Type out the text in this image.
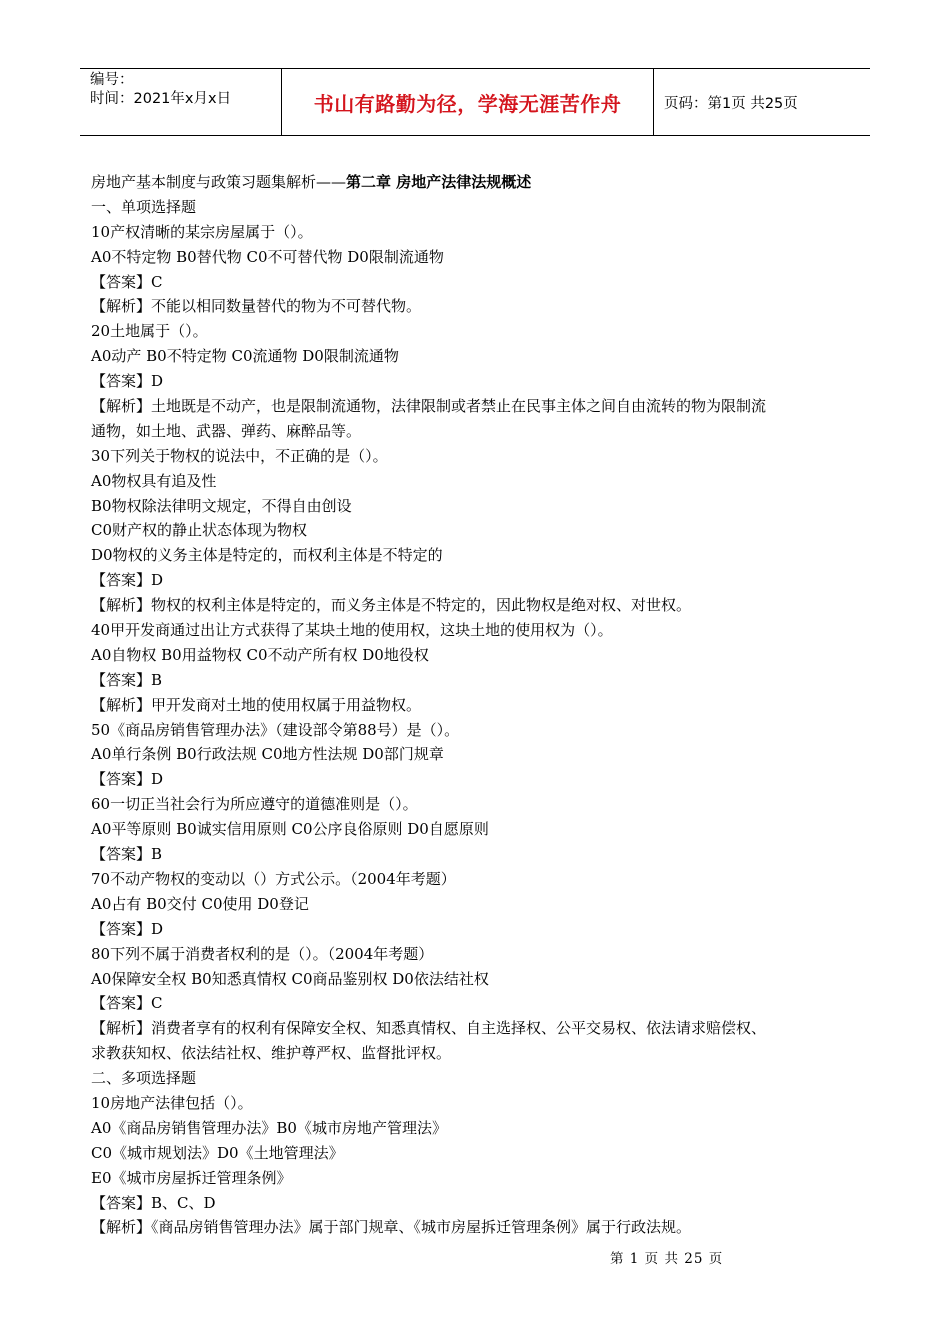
编号：
时间：2021年x月x日	书山有路勤为径，学海无涯苦作舟	页码：第1页 共25页
房地产基本制度与政策习题集解析——第二章 房地产法律法规概述
一、单项选择题
10产权清晰的某宗房屋属于（）。
A0不特定物 B0替代物 C0不可替代物 D0限制流通物
【答案】C
【解析】不能以相同数量替代的物为不可替代物。
20土地属于（）。
A0动产 B0不特定物 C0流通物 D0限制流通物
【答案】D
【解析】土地既是不动产，也是限制流通物，法律限制或者禁止在民事主体之间自由流转的物为限制流
通物，如土地、武器、弹药、麻醉品等。
30下列关于物权的说法中，不正确的是（）。
A0物权具有追及性
B0物权除法律明文规定，不得自由创设
C0财产权的静止状态体现为物权
D0物权的义务主体是特定的，而权利主体是不特定的
【答案】D
【解析】物权的权利主体是特定的，而义务主体是不特定的，因此物权是绝对权、对世权。
40甲开发商通过出让方式获得了某块土地的使用权，这块土地的使用权为（）。
A0自物权 B0用益物权 C0不动产所有权 D0地役权
【答案】B
【解析】甲开发商对土地的使用权属于用益物权。
50《商品房销售管理办法》（建设部令第88号）是（）。
A0单行条例 B0行政法规 C0地方性法规 D0部门规章
【答案】D
60一切正当社会行为所应遵守的道德准则是（）。
A0平等原则 B0诚实信用原则 C0公序良俗原则 D0自愿原则
【答案】B
70不动产物权的变动以（）方式公示。（2004年考题）
A0占有 B0交付 C0使用 D0登记
【答案】D
80下列不属于消费者权利的是（）。（2004年考题）
A0保障安全权 B0知悉真情权 C0商品鉴别权 D0依法结社权
【答案】C
【解析】消费者享有的权利有保障安全权、知悉真情权、自主选择权、公平交易权、依法请求赔偿权、
求教获知权、依法结社权、维护尊严权、监督批评权。
二、多项选择题
10房地产法律包括（）。
A0《商品房销售管理办法》B0《城市房地产管理法》
C0《城市规划法》D0《土地管理法》
E0《城市房屋拆迁管理条例》
【答案】B、C、D
【解析】《商品房销售管理办法》属于部门规章、《城市房屋拆迁管理条例》属于行政法规。
第 1 页 共 25 页
